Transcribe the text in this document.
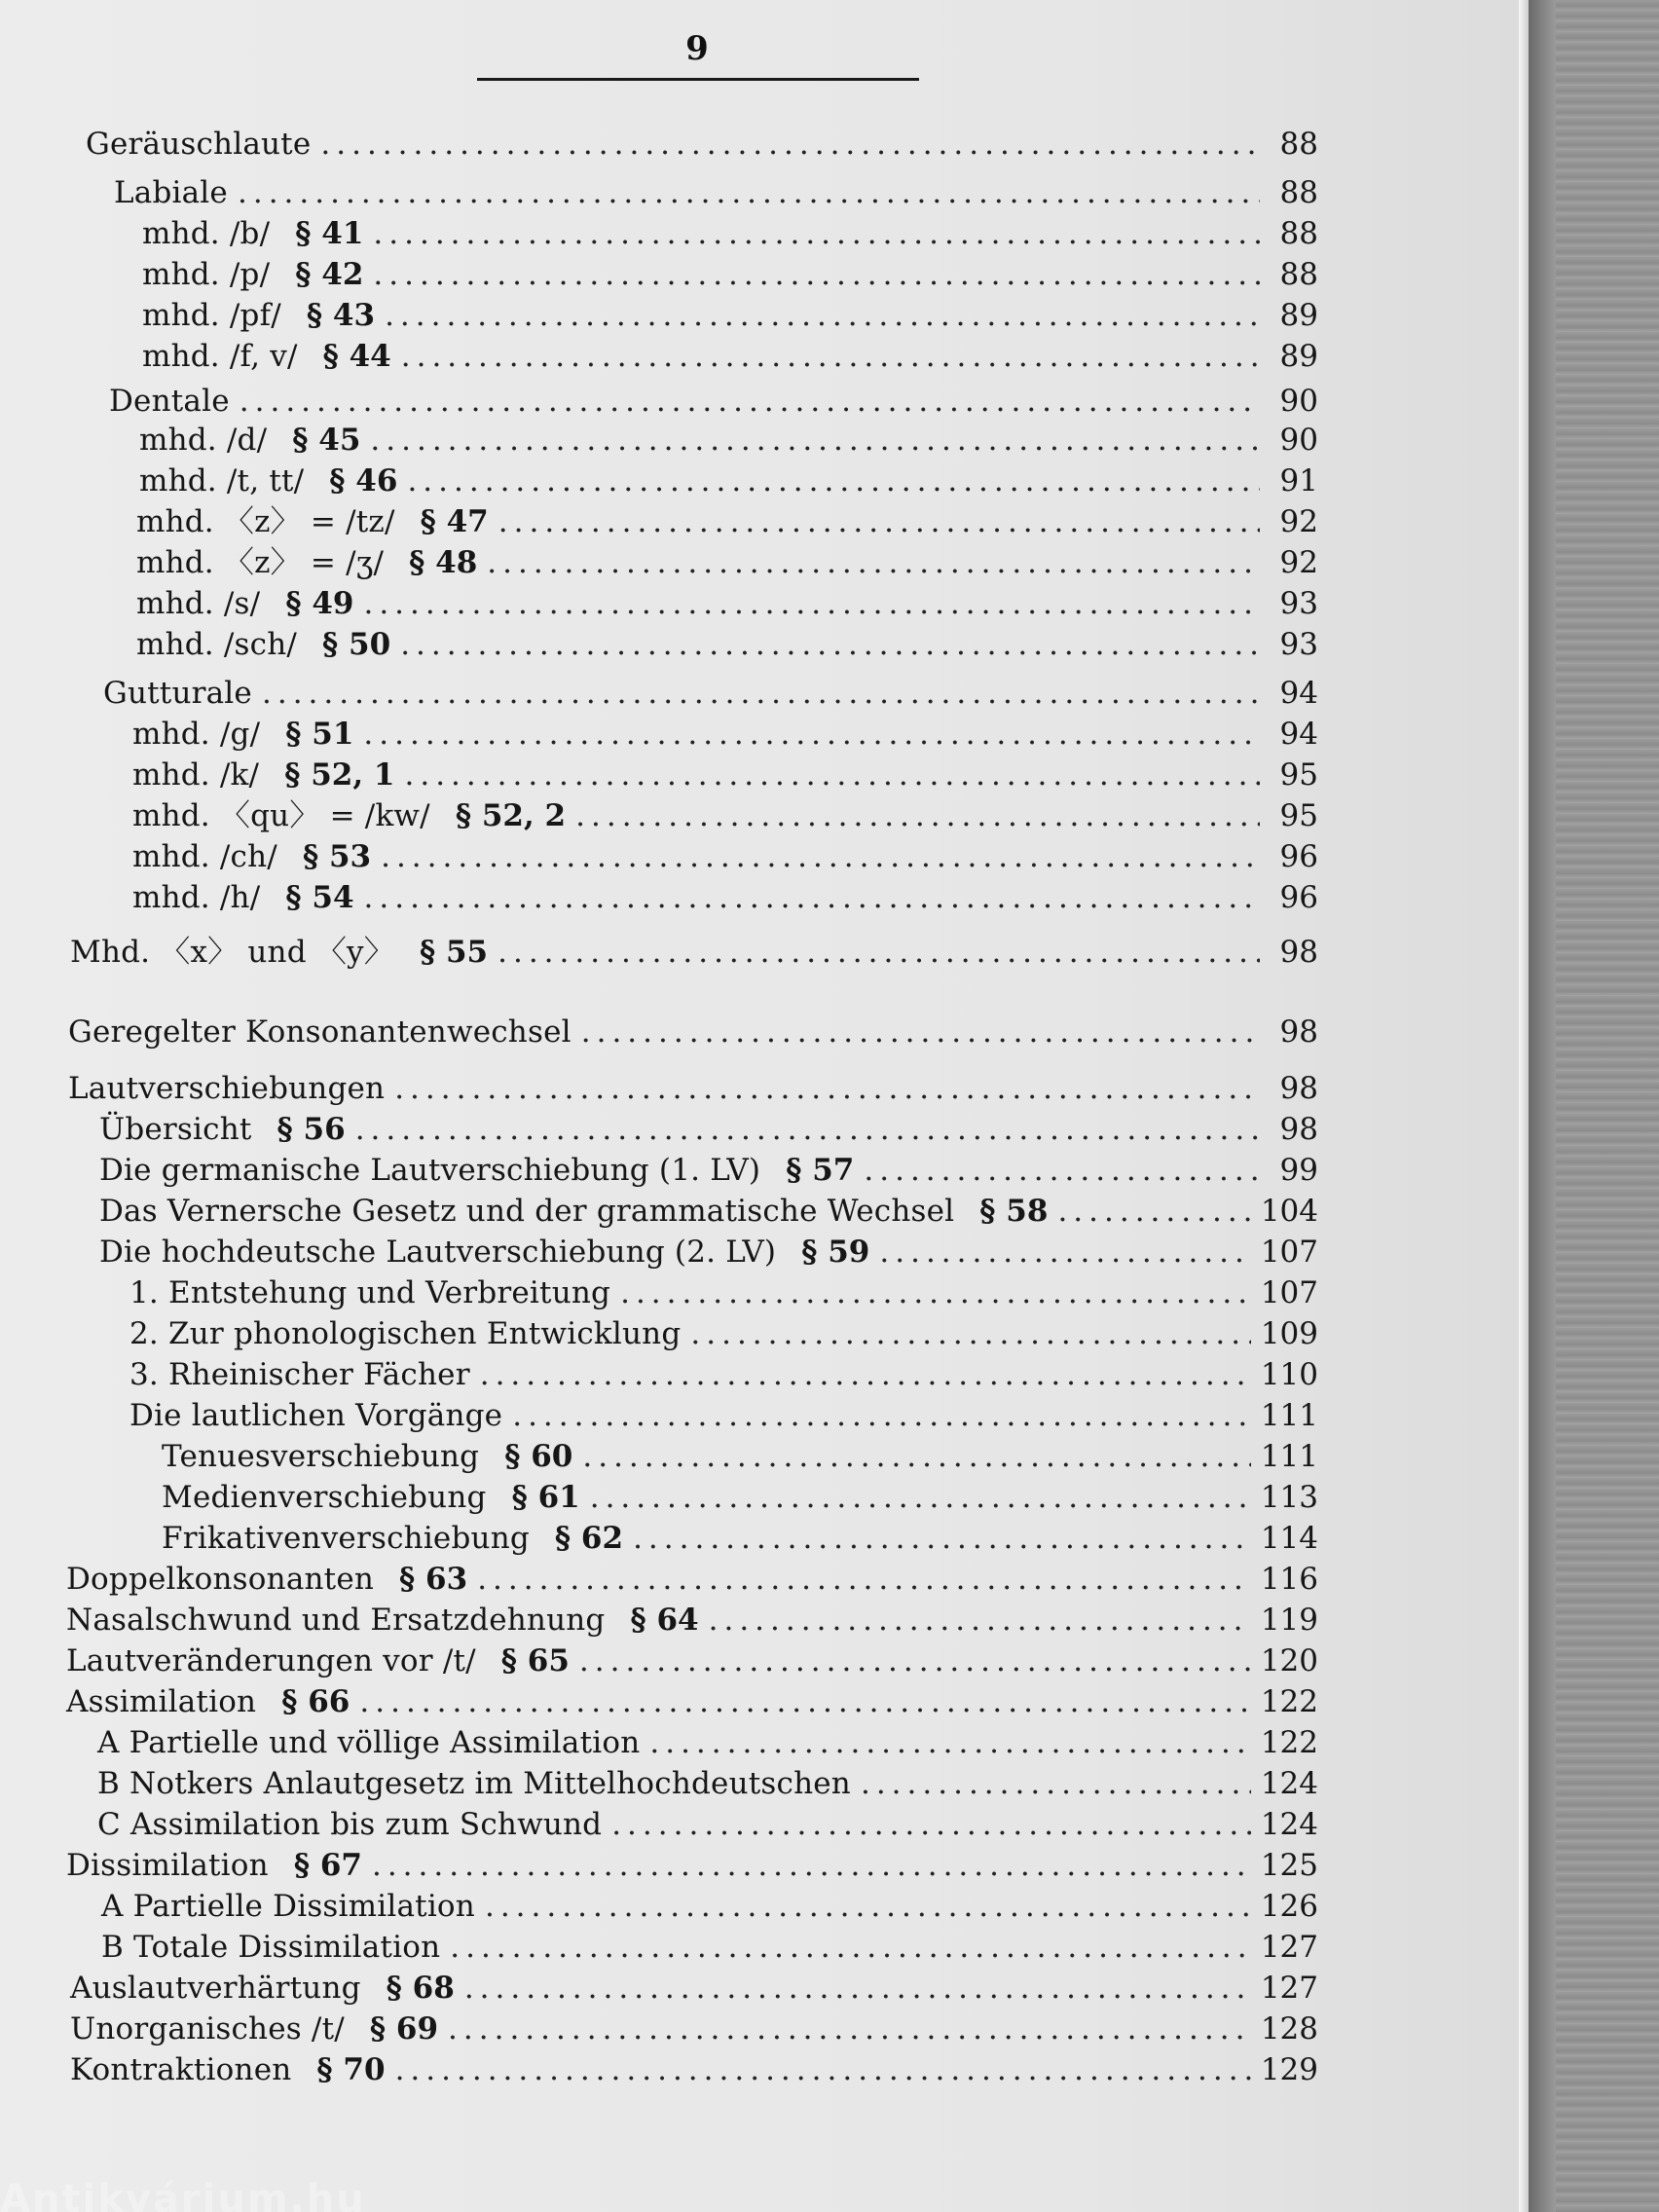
9
Geräuschlaute .....	88
Labiale .....	88
mhd. /b/ § 41 .....	88
mhd. /p/ § 42 .....	88
mhd. /pf/ § 43 .....	89
mhd. /f, v/ § 44 .....	89
Dentale .....	90
mhd. /d/ § 45 .....	90
mhd. /t, tt/ § 46 .....	91
mhd. 〈z〉 = /tz/ § 47 .....	92
mhd. 〈z〉 = /ʒ/ § 48 .....	92
mhd. /s/ § 49 .....	93
mhd. /sch/ § 50 .....	93
Gutturale .....	94
mhd. /g/ § 51 .....	94
mhd. /k/ § 52, 1 .....	95
mhd. 〈qu〉 = /kw/ § 52, 2 .....	95
mhd. /ch/ § 53 .....	96
mhd. /h/ § 54 .....	96
Mhd. 〈x〉 und 〈y〉 § 55 .....	98
Geregelter Konsonantenwechsel .....	98
Lautverschiebungen .....	98
Übersicht § 56 .....	98
Die germanische Lautverschiebung (1. LV) § 57 .....	99
Das Vernersche Gesetz und der grammatische Wechsel § 58 .....	104
Die hochdeutsche Lautverschiebung (2. LV) § 59 .....	107
1. Entstehung und Verbreitung .....	107
2. Zur phonologischen Entwicklung .....	109
3. Rheinischer Fächer .....	110
Die lautlichen Vorgänge .....	111
Tenuesverschiebung § 60 .....	111
Medienverschiebung § 61 .....	113
Frikativenverschiebung § 62 .....	114
Doppelkonsonanten § 63 .....	116
Nasalschwund und Ersatzdehnung § 64 .....	119
Lautveränderungen vor /t/ § 65 .....	120
Assimilation § 66 .....	122
A Partielle und völlige Assimilation .....	122
B Notkers Anlautgesetz im Mittelhochdeutschen .....	124
C Assimilation bis zum Schwund .....	124
Dissimilation § 67 .....	125
A Partielle Dissimilation .....	126
B Totale Dissimilation .....	127
Auslautverhärtung § 68 .....	127
Unorganisches /t/ § 69 .....	128
Kontraktionen § 70 .....	129
Antikvárium.hu
